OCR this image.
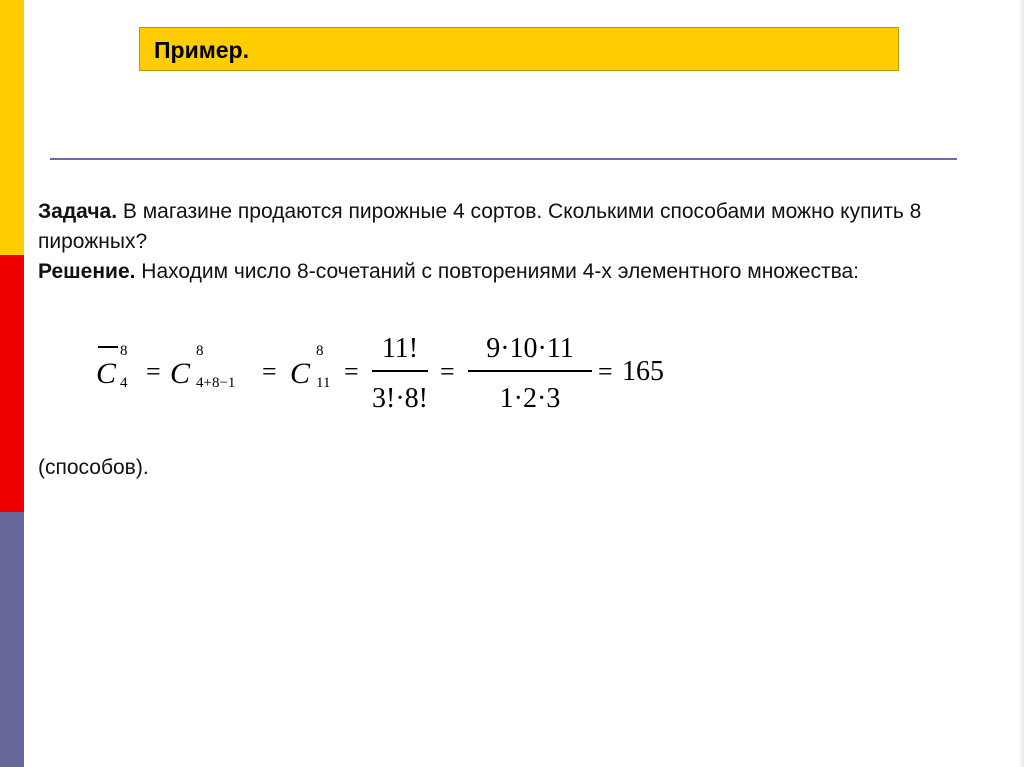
Пример.
Задача. В магазине продаются пирожные 4 сортов. Сколькими способами можно купить 8 пирожных?
Решение. Находим число 8-сочетаний с повторениями 4-х элементного множества:
C
8
4 = C
8
4+8−1 = C
8
11 =
11!
3!·8!
=
9·10·11
1·2·3
= 165
(способов).
